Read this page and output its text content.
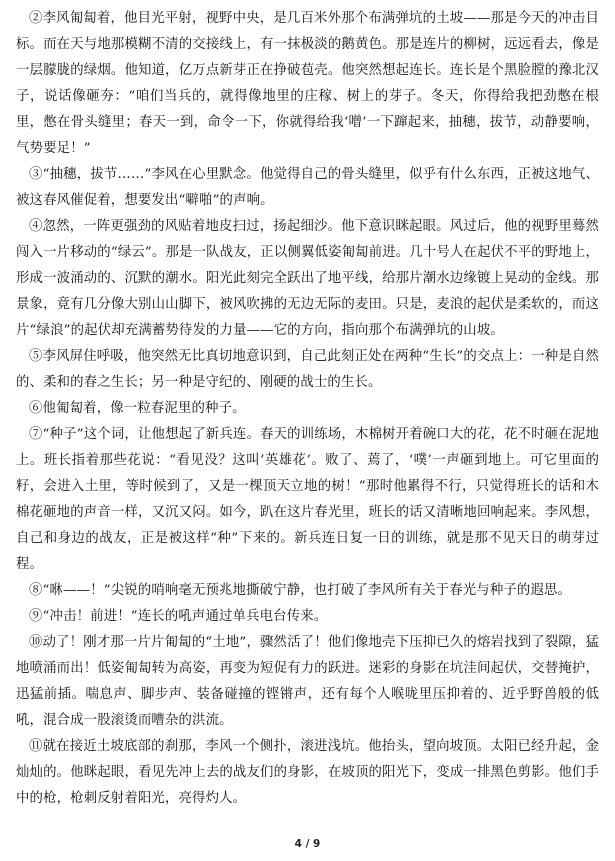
②李风匍匐着，他目光平射，视野中央，是几百米外那个布满弹坑的土坡——那是今天的冲击目标。而在天与地那模糊不清的交接线上，有一抹极淡的鹅黄色。那是连片的柳树，远远看去，像是一层朦胧的绿烟。他知道，亿万点新芽正在挣破苞壳。他突然想起连长。连长是个黑脸膛的豫北汉子，说话像砸夯：“咱们当兵的，就得像地里的庄稼、树上的芽子。冬天，你得给我把劲憋在根里，憋在骨头缝里；春天一到，命令一下，你就得给我‘噌’一下蹿起来，抽穗，拔节，动静要响，气势要足！”

③“抽穗，拔节……”李风在心里默念。他觉得自己的骨头缝里，似乎有什么东西，正被这地气、被这春风催促着，想要发出“噼啪”的声响。

④忽然，一阵更强劲的风贴着地皮扫过，扬起细沙。他下意识眯起眼。风过后，他的视野里蓦然闯入一片移动的“绿云”。那是一队战友，正以侧翼低姿匍匐前进。几十号人在起伏不平的野地上，形成一波涌动的、沉默的潮水。阳光此刻完全跃出了地平线，给那片潮水边缘镀上晃动的金线。那景象，竟有几分像大别山山脚下，被风吹拂的无边无际的麦田。只是，麦浪的起伏是柔软的，而这片“绿浪”的起伏却充满蓄势待发的力量——它的方向，指向那个布满弹坑的山坡。

⑤李风屏住呼吸，他突然无比真切地意识到，自己此刻正处在两种“生长”的交点上：一种是自然的、柔和的春之生长；另一种是守纪的、刚硬的战士的生长。

⑥他匍匐着，像一粒春泥里的种子。

⑦“种子”这个词，让他想起了新兵连。春天的训练场，木棉树开着碗口大的花，花不时砸在泥地上。班长指着那些花说：“看见没？这叫‘英雄花’。败了、蔫了，‘噗’一声砸到地上。可它里面的籽，会进入土里，等时候到了，又是一棵顶天立地的树！”那时他累得不行，只觉得班长的话和木棉花砸地的声音一样，又沉又闷。如今，趴在这片春光里，班长的话又清晰地回响起来。李风想，自己和身边的战友，正是被这样“种”下来的。新兵连日复一日的训练，就是那不见天日的萌芽过程。

⑧“咻——！”尖锐的哨响毫无预兆地撕破宁静，也打破了李风所有关于春光与种子的遐思。

⑨“冲击！前进！”连长的吼声通过单兵电台传来。

⑩动了！刚才那一片片匍匐的“土地”，骤然活了！他们像地壳下压抑已久的熔岩找到了裂隙，猛地喷涌而出！低姿匍匐转为高姿，再变为短促有力的跃进。迷彩的身影在坑洼间起伏，交替掩护，迅猛前插。喘息声、脚步声、装备碰撞的铿锵声，还有每个人喉咙里压抑着的、近乎野兽般的低吼，混合成一股滚烫而嘈杂的洪流。

⑪就在接近土坡底部的刹那，李风一个侧扑，滚进浅坑。他抬头，望向坡顶。太阳已经升起，金灿灿的。他眯起眼，看见先冲上去的战友们的身影，在坡顶的阳光下，变成一排黑色剪影。他们手中的枪，枪刺反射着阳光，亮得灼人。

4 / 9
